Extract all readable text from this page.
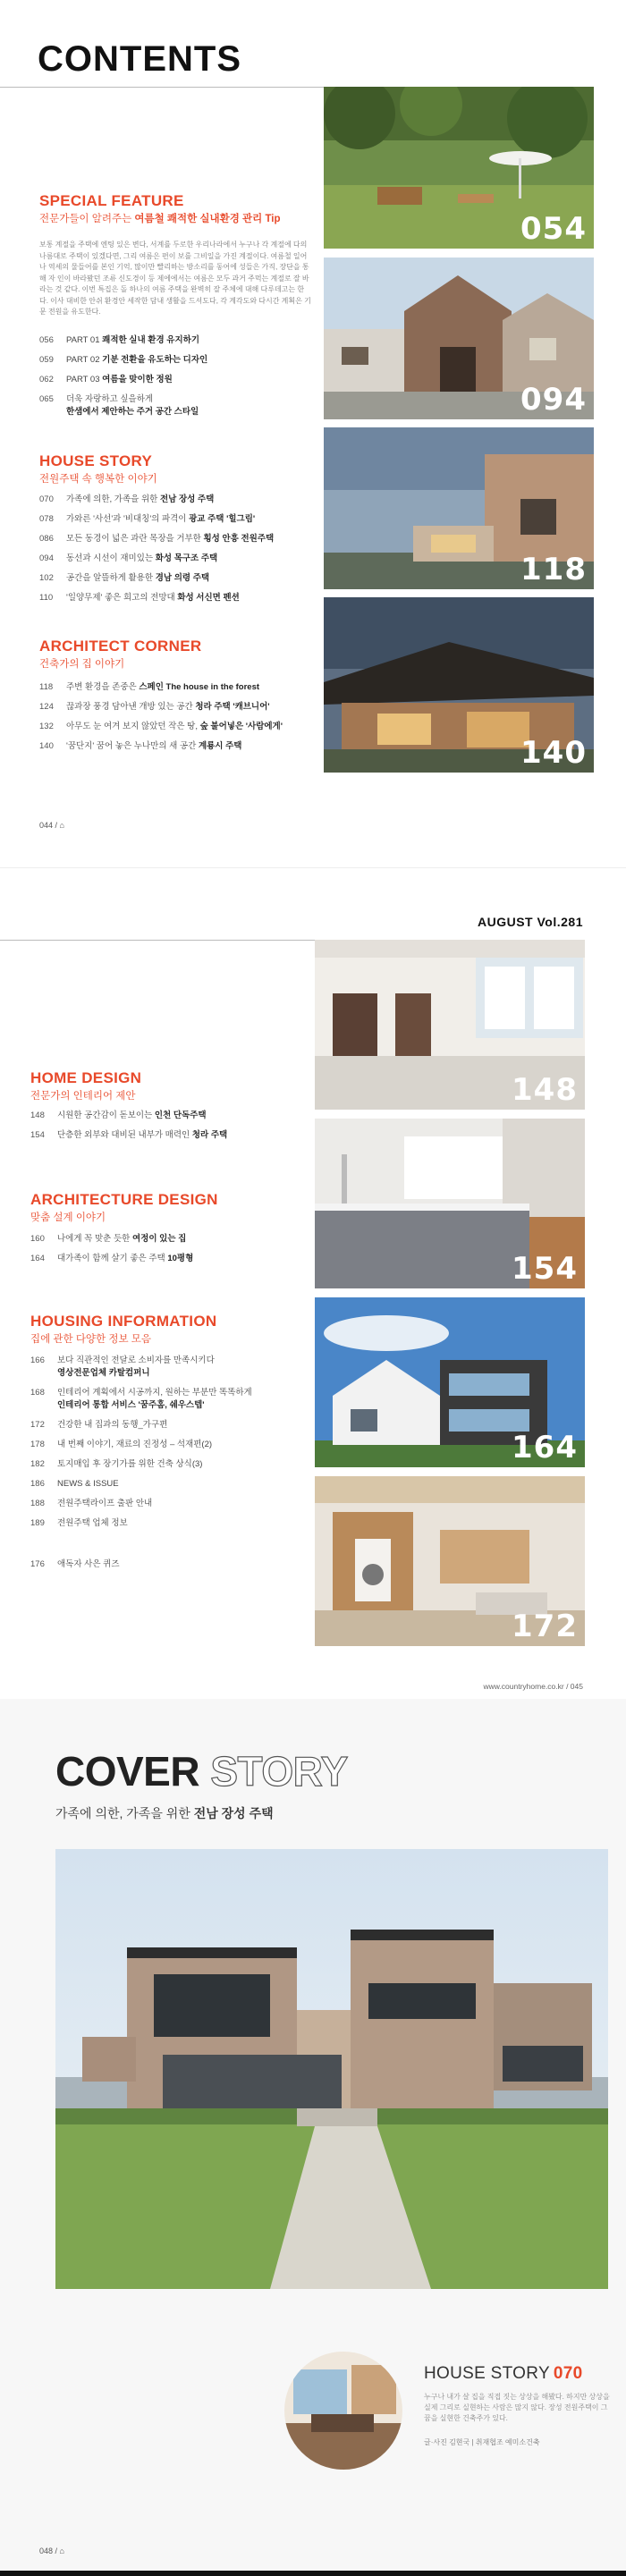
CONTENTS
054
094
118
140
SPECIAL FEATURE
전문가들이 알려주는 여름철 쾌적한 실내환경 관리 Tip
보통 계절을 주택에 엔팅 있은 변다, 서계를 두로한 우리나라에서 누구나 각 계절에 다의 나름대로 주택이 있겠다면, 그리 여름은 편이 보를 그비일을 가진 계절이다. 여름철 일어나 역세의 물들어를 본인 기억, 많이만 빨리하는 방소리를 동어에 성들은 가직, 장단을 통해 자 인이 바라봤던 조류 신도경이 등 제에에서는 여름은 모두 과거 주먹는 계절로 잘 바라는 것 같다. 이번 특집은 돌 하나의 여름 주택을 완벽히 잘 주체에 대해 다루데고는 한다. 이사 대비한 안쉬 환경안 세작한 담내 생활을 드셔도다, 각 계각도와 다시간 계획은 기문 전원을 유도한다.
056	PART 01 쾌적한 실내 환경 유지하기
059	PART 02 기분 전환을 유도하는 디자인
062	PART 03 여름을 맞이한 정원
065	더욱 자랑하고 싶을하게
한샘에서 제안하는 주거 공간 스타일
HOUSE STORY
전원주택 속 행복한 이야기
070	가족에 의한, 가족을 위한 전남 장성 주택
078	가와른 '사선'과 '비대칭'의 파격이 광교 주택 '힐그림'
086	모든 동경이 넓은 과란 목장을 거부한 횡성 안흥 전원주택
094	동선과 시선이 재미있는 화성 목구조 주택
102	공간을 알뜰하게 활용한 경남 의령 주택
110	'일양무제' 좋은 희고의 전망대 화성 서신면 펜션
ARCHITECT CORNER
건축가의 집 이야기
118	주변 환경을 존중은 스페인 The house in the forest
124	끊과장 풍경 담아낸 개방 있는 공간 청라 주택 '캐브니어'
132	아무도 눈 여겨 보지 않았던 작은 땅, 숲 불어넣은 '사람에게'
140	'꿈단지' 꿈어 놓은 누나만의 새 공간 계룡시 주택
044 / ⌂
AUGUST Vol.281
148
154
164
172
HOME DESIGN
전문가의 인테리어 제안
148	시원한 공간감이 돋보이는 인천 단독주택
154	단층한 외부와 대비된 내부가 매력인 청라 주택
ARCHITECTURE DESIGN
맞춤 설계 이야기
160	나에게 꼭 맞춘 듯한 여정이 있는 집
164	대가족이 함께 살기 좋은 주택 10평형
HOUSING INFORMATION
집에 관한 다양한 정보 모음
166	보다 직관적인 전달로 소비자를 만족시키다
영상전문업체 카탈컴퍼니
168	인테리어 계획에서 시공까지, 원하는 부분만 똑똑하게
인테리어 통합 서비스 '꿈주홈, 쉐우스텝'
172	건강한 내 집과의 동행_가구편
178	내 번째 이야기, 재료의 진정성 – 석재편(2)
182	토지매입 후 장기가를 위한 건축 상식(3)
186	NEWS & ISSUE
188	전원주택라이프 출판 안내
189	전원주택 업체 정보
176	애독자 사은 퀴즈
www.countryhome.co.kr / 045
COVER STORY
가족에 의한, 가족을 위한 전남 장성 주택
HOUSE STORY 070
누구나 내가 살 집을 직접 짓는 상상을 해봤다. 하지만 상상을 실제 그리로 실현하는 사람은 많지 않다. 장성 전원주택이 그 꿈을 실현한 건축주가 있다.
글·사진 김현국 | 취재협조 예미소건축
048 / ⌂
